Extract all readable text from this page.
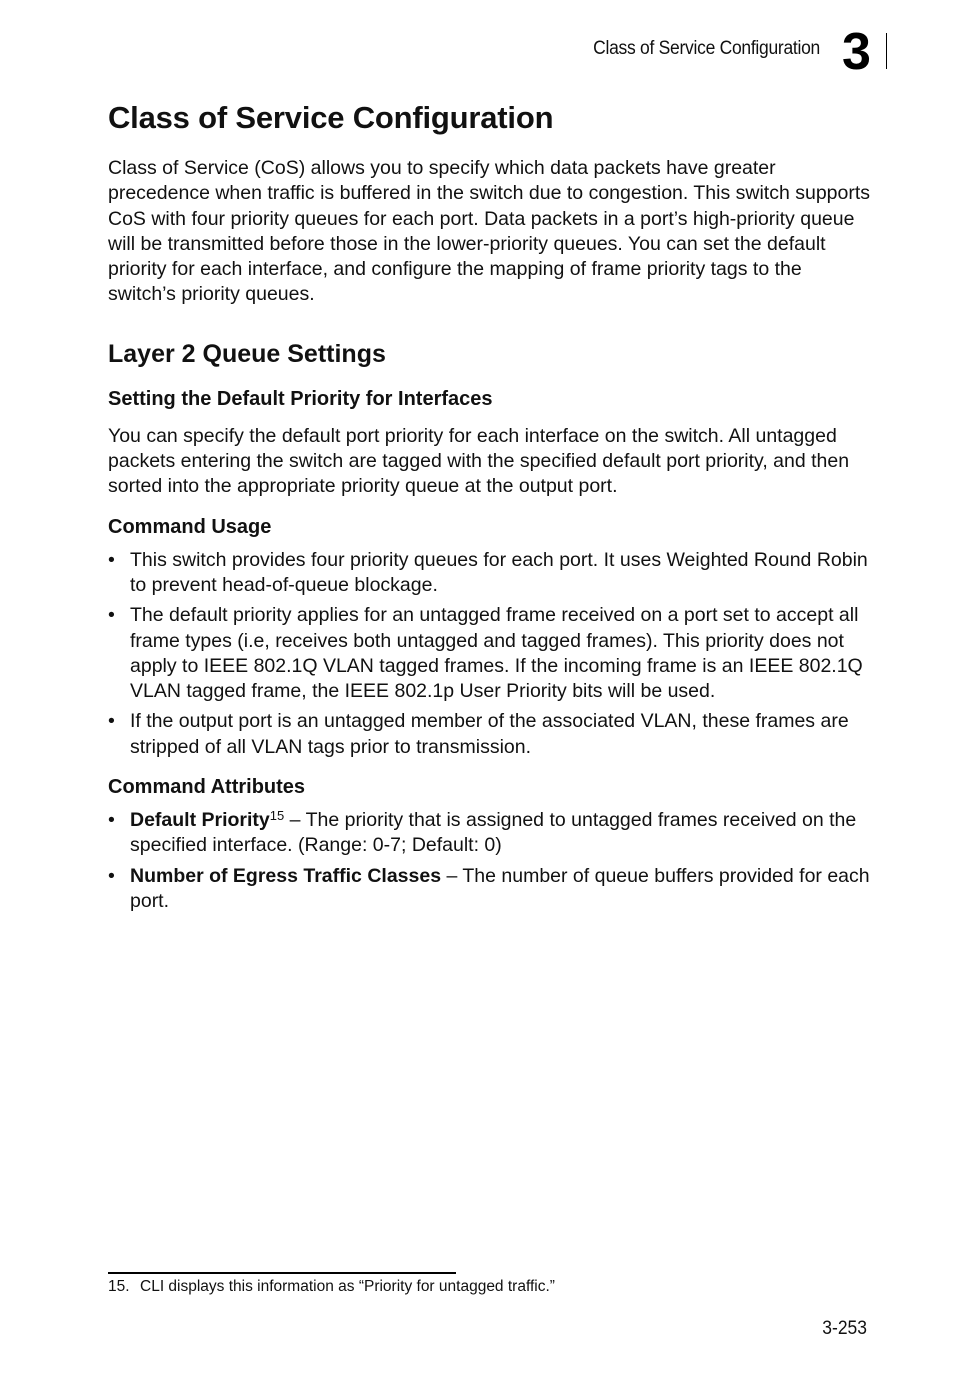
Class of Service Configuration 3
Class of Service Configuration

Class of Service (CoS) allows you to specify which data packets have greater precedence when traffic is buffered in the switch due to congestion. This switch supports CoS with four priority queues for each port. Data packets in a port’s high-priority queue will be transmitted before those in the lower-priority queues. You can set the default priority for each interface, and configure the mapping of frame priority tags to the switch’s priority queues.

Layer 2 Queue Settings
Setting the Default Priority for Interfaces

You can specify the default port priority for each interface on the switch. All untagged packets entering the switch are tagged with the specified default port priority, and then sorted into the appropriate priority queue at the output port.

Command Usage
• This switch provides four priority queues for each port. It uses Weighted Round Robin to prevent head-of-queue blockage.
• The default priority applies for an untagged frame received on a port set to accept all frame types (i.e, receives both untagged and tagged frames). This priority does not apply to IEEE 802.1Q VLAN tagged frames. If the incoming frame is an IEEE 802.1Q VLAN tagged frame, the IEEE 802.1p User Priority bits will be used.
• If the output port is an untagged member of the associated VLAN, these frames are stripped of all VLAN tags prior to transmission.
Command Attributes
• Default Priority$^{15}$ – The priority that is assigned to untagged frames received on the specified interface. (Range: 0-7; Default: 0)
• Number of Egress Traffic Classes – The number of queue buffers provided for each port.
15. CLI displays this information as “Priority for untagged traffic.”
3-253
